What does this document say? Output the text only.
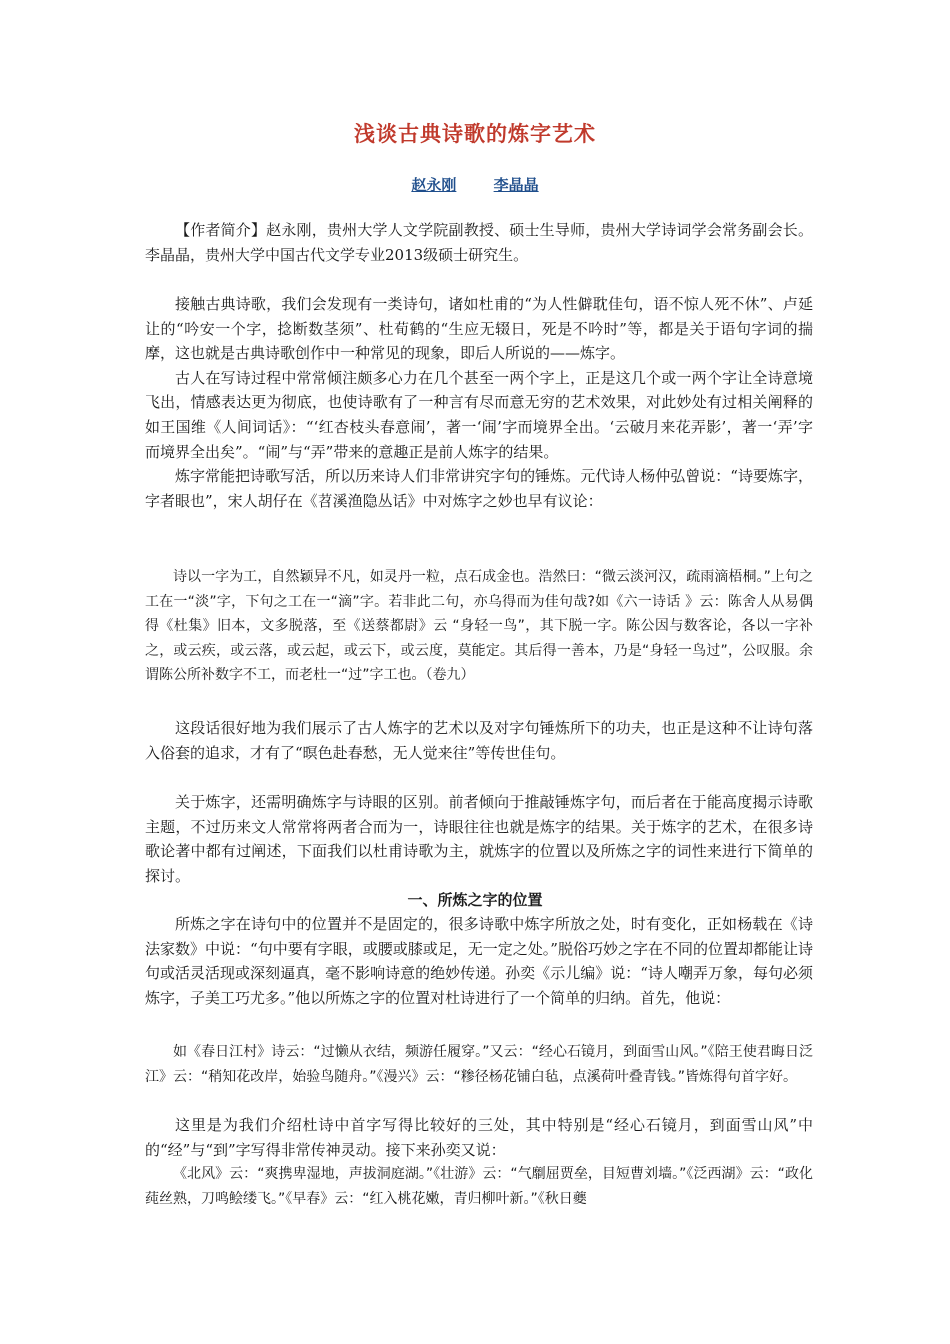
浅谈古典诗歌的炼字艺术
赵永刚 李晶晶

【作者简介】赵永刚，贵州大学人文学院副教授、硕士生导师，贵州大学诗词学会常务副会长。李晶晶，贵州大学中国古代文学专业2013级硕士研究生。

接触古典诗歌，我们会发现有一类诗句，诸如杜甫的“为人性僻耽佳句，语不惊人死不休”、卢延让的“吟安一个字，捻断数茎须”、杜荀鹤的“生应无辍日，死是不吟时”等，都是关于语句字词的揣摩，这也就是古典诗歌创作中一种常见的现象，即后人所说的——炼字。

古人在写诗过程中常常倾注颇多心力在几个甚至一两个字上，正是这几个或一两个字让全诗意境飞出，情感表达更为彻底，也使诗歌有了一种言有尽而意无穷的艺术效果，对此妙处有过相关阐释的如王国维《人间词话》：“‘红杏枝头春意闹’，著一‘闹’字而境界全出。‘云破月来花弄影’，著一‘弄’字而境界全出矣”。“闹”与“弄”带来的意趣正是前人炼字的结果。

炼字常能把诗歌写活，所以历来诗人们非常讲究字句的锤炼。元代诗人杨仲弘曾说：“诗要炼字，字者眼也”，宋人胡仔在《苕溪渔隐丛话》中对炼字之妙也早有议论：

诗以一字为工，自然颖异不凡，如灵丹一粒，点石成金也。浩然曰：“微云淡河汉，疏雨滴梧桐。”上句之工在一“淡”字，下句之工在一“滴”字。若非此二句，亦乌得而为佳句哉?如《六一诗话 》云：陈舍人从易偶得《杜集》旧本，文多脱落，至《送蔡都尉》云 “身轻一鸟”，其下脱一字。陈公因与数客论，各以一字补之，或云疾，或云落，或云起，或云下，或云度，莫能定。其后得一善本，乃是“身轻一鸟过”，公叹服。余谓陈公所补数字不工，而老杜一“过”字工也。（卷九）

这段话很好地为我们展示了古人炼字的艺术以及对字句锤炼所下的功夫，也正是这种不让诗句落入俗套的追求，才有了“暝色赴春愁，无人觉来往”等传世佳句。

关于炼字，还需明确炼字与诗眼的区别。前者倾向于推敲锤炼字句，而后者在于能高度揭示诗歌主题，不过历来文人常常将两者合而为一，诗眼往往也就是炼字的结果。关于炼字的艺术，在很多诗歌论著中都有过阐述，下面我们以杜甫诗歌为主，就炼字的位置以及所炼之字的词性来进行下简单的探讨。

一、所炼之字的位置

所炼之字在诗句中的位置并不是固定的，很多诗歌中炼字所放之处，时有变化，正如杨载在《诗法家数》中说：“句中要有字眼，或腰或膝或足，无一定之处。”脱俗巧妙之字在不同的位置却都能让诗句或活灵活现或深刻逼真，毫不影响诗意的绝妙传递。孙奕《示儿编》说：“诗人嘲弄万象，每句必须炼字，子美工巧尤多。”他以所炼之字的位置对杜诗进行了一个简单的归纳。首先，他说：

如《春日江村》诗云：“过懒从衣结，频游任履穿。”又云：“经心石镜月，到面雪山风。”《陪王使君晦日泛江》云：“稍知花改岸，始验鸟随舟。”《漫兴》云：“糁径杨花铺白毡，点溪荷叶叠青钱。”皆炼得句首字好。

这里是为我们介绍杜诗中首字写得比较好的三处，其中特别是“经心石镜月，到面雪山风”中的“经”与“到”字写得非常传神灵动。接下来孙奕又说：

《北风》云：“爽携卑湿地，声拔洞庭湖。”《壮游》云：“气劘屈贾垒，目短曹刘墙。”《泛西湖》云：“政化莼丝熟，刀鸣鲙缕飞。”《早春》云：“红入桃花嫩，青归柳叶新。”《秋日夔
